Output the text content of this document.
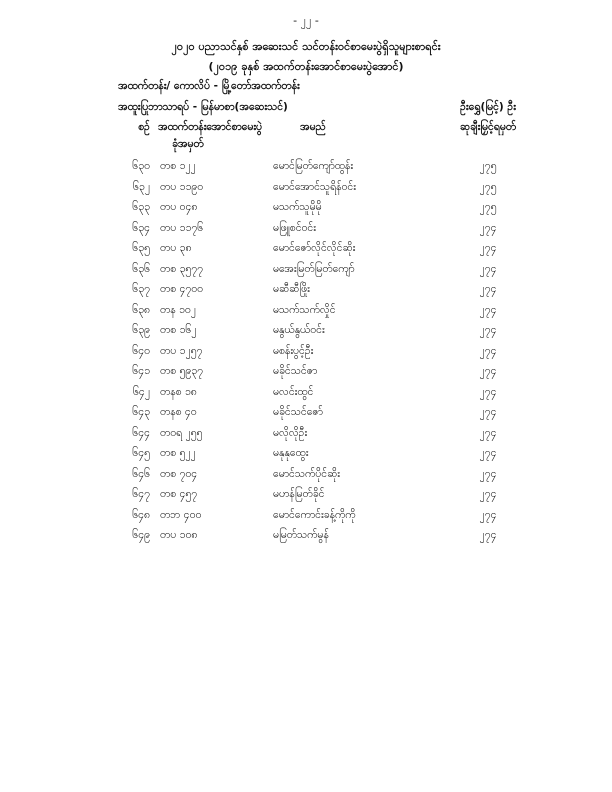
- ၂၂ -
၂၀၂၀ ပညာသင်နှစ် အဆေးသင် သင်တန်းဝင်စာမေးပွဲရှိသူများစာရင်း
(၂၀၁၉ ခုနှစ် အထက်တန်းအောင်စာမေးပွဲအောင်)
အထက်တန်း/ ကောလိပ် - မြို့တော်အထက်တန်း
အထူးပြုဘာသာရပ် - မြန်မာစာ(အဆေးသင်)	ဦးရွှေ(မြင့်) ဦး
စဉ် အထက်တန်းအောင်စာမေးပွဲ
ခုံအမှတ်
အမည်	ဆုချီးမြှင့်ရမှတ်
၆၃၀ တစ ၁၂၂	မောင်မြတ်ကျော်ထွန်း	၂၇၅
၆၃၂ တပ ၁၁၉၀	မောင်အောင်သူရိန်ဝင်း	၂၇၅
၆၃၃ တပ ၀၄၈	မသက်သူမိုမို	၂၇၅
၆၃၄ တပ ၁၁၇၆	မဖြူစင်ဝင်း	၂၇၄
၆၃၅ တပ ၃၈	မောင်ဇော်လိုင်လိုင်ဆိုး	၂၇၄
၆၃၆ တစ ၃၅၇၇	မအေးမြတ်မြတ်ကျော်	၂၇၄
၆၃၇ တစ ၄၇၀၀	မဆီဆီဖြိုး	၂၇၄
၆၃၈ တန ၁၀၂	မသက်သက်လှိုင်	၂၇၄
၆၃၉ တစ ၁၆၂	မနွယ်နွယ်ဝင်း	၂၇၄
၆၄၀ တပ ၁၂၅၇	မစန်းပွင့်ဦး	၂၇၄
၆၄၁ တစ ၅၉၃၇	မခိုင်သင်ဇာ	၂၇၄
၆၄၂ တနစ ၁၈	မလင်းထွင်	၂၇၄
၆၄၃ တနစ ၄၀	မခိုင်သင်ဇော်	၂၇၄
၆၄၄ တဝရ ၂၅၅	မလိုလိုဦး	၂၇၄
၆၄၅ တစ ၅၂၂	မနုနုထွေး	၂၇၄
၆၄၆ တစ ၇၀၄	မောင်သက်ပိုင်ဆိုး	၂၇၄
၆၄၇ တစ ၄၅၇	မဟန်မြတ်ခိုင်	၂၇၄
၆၄၈ တဘ ၄၀၀	မောင်ကောင်းခန့်ကိုကို	၂၇၄
၆၄၉ တပ ၁၀၈	မမြတ်သက်မွန်	၂၇၄
